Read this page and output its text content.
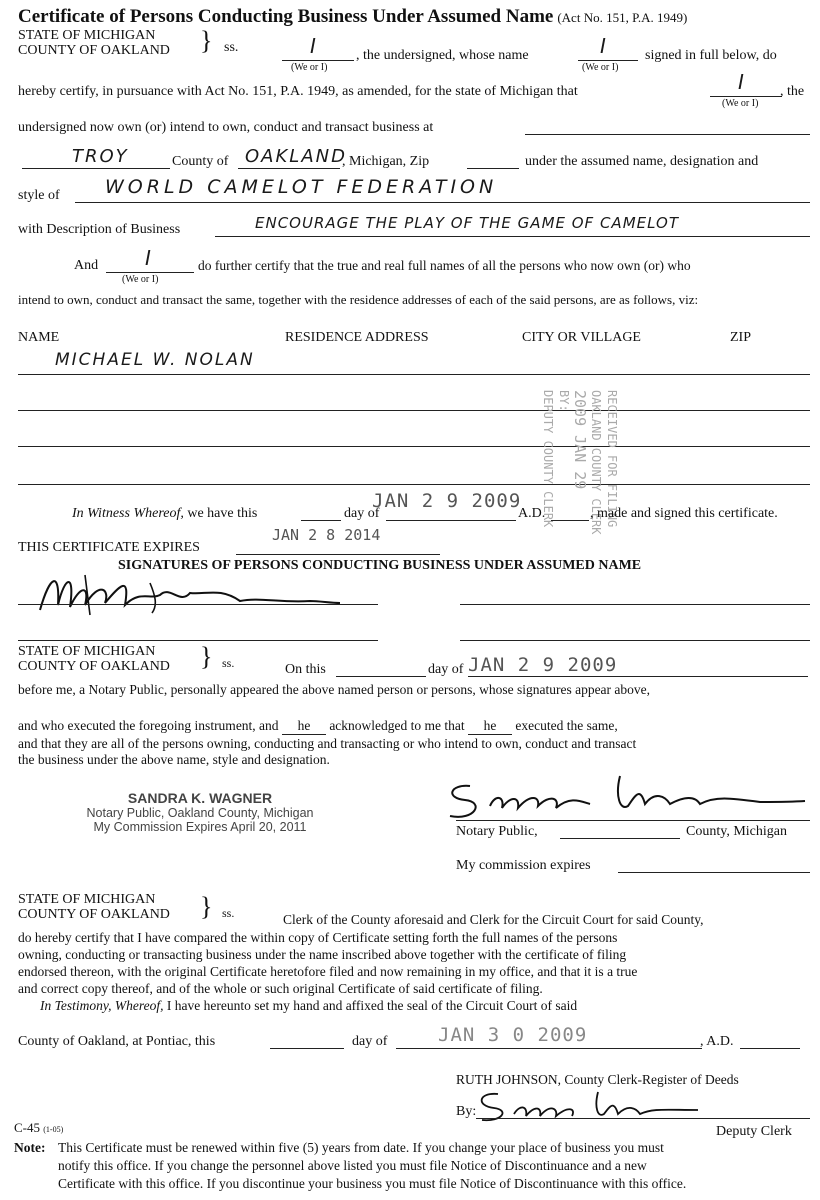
Certificate of Persons Conducting Business Under Assumed Name (Act No. 151, P.A. 1949)
STATE OF MICHIGAN
COUNTY OF OAKLAND } ss.	I
(We or I)
, the undersigned, whose name	I
(We or I)
signed in full below, do
hereby certify, in pursuance with Act No. 151, P.A. 1949, as amended, for the state of Michigan that	I
(We or I)
, the
undersigned now own (or) intend to own, conduct and transact business at
TROY	County of OAKLAND
, Michigan, Zip	under the assumed name, designation and
style of WORLD CAMELOT FEDERATION
with Description of Business	ENCOURAGE THE PLAY OF THE GAME OF CAMELOT
And I
(We or I)
do further certify that the true and real full names of all the persons who now own (or) who
intend to own, conduct and transact the same, together with the residence addresses of each of the said persons, are as follows, viz:
NAME	RESIDENCE ADDRESS	CITY OR VILLAGE	ZIP
MICHAEL W. NOLAN
RECEIVED FOR FILING
OAKLAND COUNTY CLERK
2009 JAN 29
BY:
DEPUTY COUNTY CLERK
In Witness Whereof, we have this	day of
JAN 2 9 2009
A.D.	, made and signed this certificate.
THIS CERTIFICATE EXPIRES
JAN 2 8 2014
SIGNATURES OF PERSONS CONDUCTING BUSINESS UNDER ASSUMED NAME
STATE OF MICHIGAN
COUNTY OF OAKLAND } ss.	On this	day of JAN 2 9 2009
before me, a Notary Public, personally appeared the above named person or persons, whose signatures appear above,
and who executed the foregoing instrument, and he acknowledged to me that he executed the same,
and that they are all of the persons owning, conducting and transacting or who intend to own, conduct and transact
the business under the above name, style and designation.
SANDRA K. WAGNER
Notary Public, Oakland County, Michigan
My Commission Expires April 20, 2011	Notary Public,	County, Michigan
My commission expires
STATE OF MICHIGAN
COUNTY OF OAKLAND } ss.	Clerk of the County aforesaid and Clerk for the Circuit Court for said County,
do hereby certify that I have compared the within copy of Certificate setting forth the full names of the persons
owning, conducting or transacting business under the name inscribed above together with the certificate of filing
endorsed thereon, with the original Certificate heretofore filed and now remaining in my office, and that it is a true
and correct copy thereof, and of the whole or such original Certificate of said certificate of filing.
In Testimony, Whereof, I have hereunto set my hand and affixed the seal of the Circuit Court of said
County of Oakland, at Pontiac, this	day of	JAN 3 0 2009	, A.D.
RUTH JOHNSON, County Clerk-Register of Deeds
By:
Deputy Clerk
C-45 (1-05)
Note: This Certificate must be renewed within five (5) years from date. If you change your place of business you must
notify this office. If you change the personnel above listed you must file Notice of Discontinuance and a new
Certificate with this office. If you discontinue your business you must file Notice of Discontinuance with this office.
